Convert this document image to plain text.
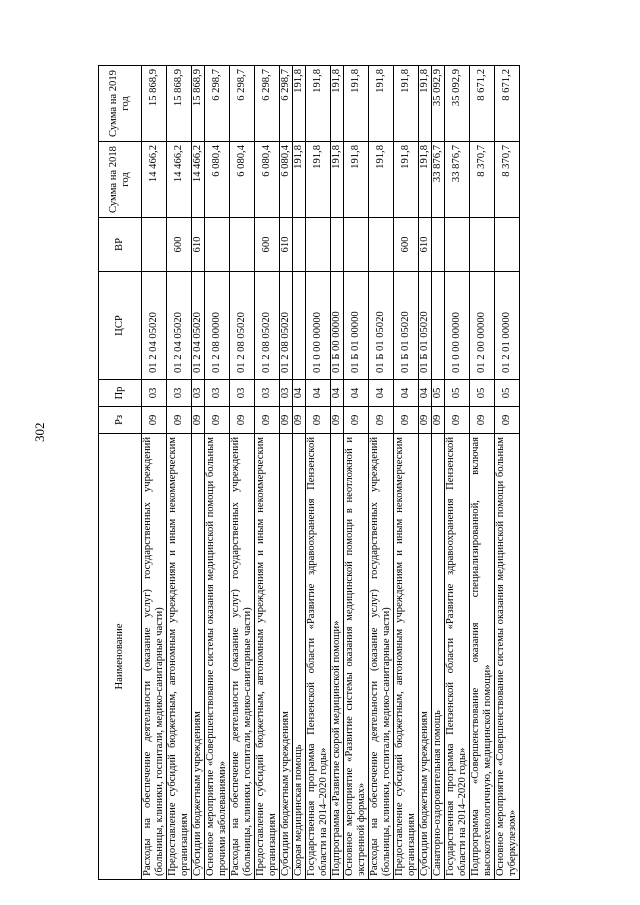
302
Наименование	Рз	Пр	ЦСР	ВР	Сумма на 2018 год	Сумма на 2019 год
Расходы на обеспечение деятельности (оказание услуг) государственных учреждений (больницы, клиники, госпитали, медико-санитарные части)	09	03	01 2 04 05020		14 466,2	15 868,9
Предоставление субсидий бюджетным, автономным учреждениям и иным некоммерческим организациям	09	03	01 2 04 05020	600	14 466,2	15 868,9
Субсидии бюджетным учреждениям	09	03	01 2 04 05020	610	14 466,2	15 868,9
Основное мероприятие «Совершенствование системы оказания медицинской помощи больным прочими заболеваниями»	09	03	01 2 08 00000		6 080,4	6 298,7
Расходы на обеспечение деятельности (оказание услуг) государственных учреждений (больницы, клиники, госпитали, медико-санитарные части)	09	03	01 2 08 05020		6 080,4	6 298,7
Предоставление субсидий бюджетным, автономным учреждениям и иным некоммерческим организациям	09	03	01 2 08 05020	600	6 080,4	6 298,7
Субсидии бюджетным учреждениям	09	03	01 2 08 05020	610	6 080,4	6 298,7
Скорая медицинская помощь	09	04			191,8	191,8
Государственная программа Пензенской области «Развитие здравоохранения Пензенской области на 2014–2020 годы»	09	04	01 0 00 00000		191,8	191,8
Подпрограмма «Развитие скорой медицинской помощи»	09	04	01 Б 00 00000		191,8	191,8
Основное мероприятие «Развитие системы оказания медицинской помощи в неотложной и экстренной формах»	09	04	01 Б 01 00000		191,8	191,8
Расходы на обеспечение деятельности (оказание услуг) государственных учреждений (больницы, клиники, госпитали, медико-санитарные части)	09	04	01 Б 01 05020		191,8	191,8
Предоставление субсидий бюджетным, автономным учреждениям и иным некоммерческим организациям	09	04	01 Б 01 05020	600	191,8	191,8
Субсидии бюджетным учреждениям	09	04	01 Б 01 05020	610	191,8	191,8
Санаторно-оздоровительная помощь	09	05			33 876,7	35 092,9
Государственная программа Пензенской области «Развитие здравоохранения Пензенской области на 2014–2020 годы»	09	05	01 0 00 00000		33 876,7	35 092,9
Подпрограмма «Совершенствование оказания специализированной, включая высокотехнологичную, медицинской помощи»	09	05	01 2 00 00000		8 370,7	8 671,2
Основное мероприятие «Совершенствование системы оказания медицинской помощи больным туберкулезом»	09	05	01 2 01 00000		8 370,7	8 671,2
